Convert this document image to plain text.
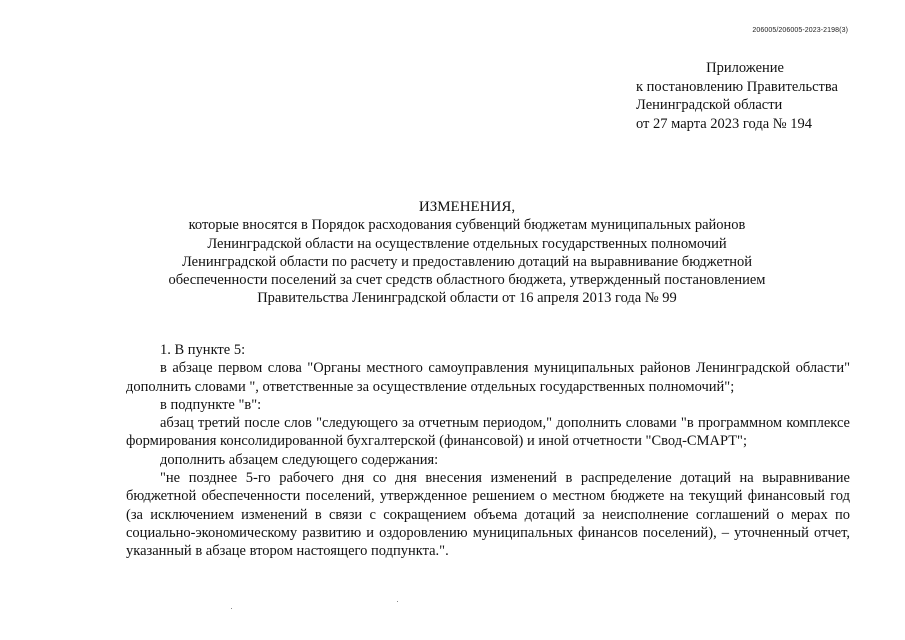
206005/206005-2023-2198(3)
Приложение
к постановлению Правительства
Ленинградской области
от 27 марта 2023 года № 194
ИЗМЕНЕНИЯ,
которые вносятся в Порядок расходования субвенций бюджетам муниципальных районов
Ленинградской области на осуществление отдельных государственных полномочий
Ленинградской области по расчету и предоставлению дотаций на выравнивание бюджетной
обеспеченности поселений за счет средств областного бюджета, утвержденный постановлением
Правительства Ленинградской области от 16 апреля 2013 года № 99

1. В пункте 5:

в абзаце первом слова "Органы местного самоуправления муниципальных районов Ленинградской области" дополнить словами ", ответственные за осуществление отдельных государственных полномочий";

в подпункте "в":

абзац третий после слов "следующего за отчетным периодом," дополнить словами "в программном комплексе формирования консолидированной бухгалтерской (финансовой) и иной отчетности "Свод-СМАРТ";

дополнить абзацем следующего содержания:

"не позднее 5-го рабочего дня со дня внесения изменений в распределение дотаций на выравнивание бюджетной обеспеченности поселений, утвержденное решением о местном бюджете на текущий финансовый год (за исключением изменений в связи с сокращением объема дотаций за неисполнение соглашений о мерах по социально-экономическому развитию и оздоровлению муниципальных финансов поселений), – уточненный отчет, указанный в абзаце втором настоящего подпункта.".
